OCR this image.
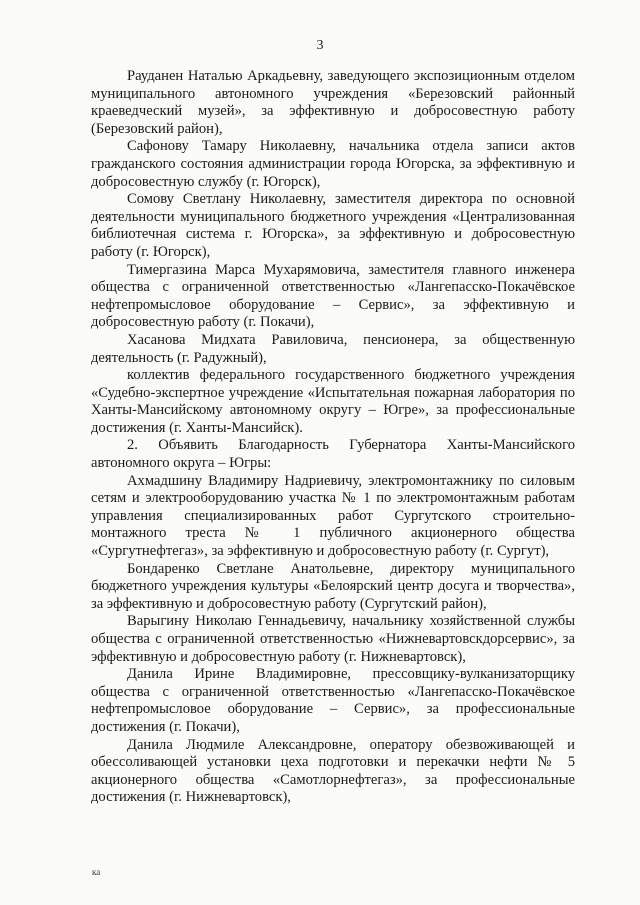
3

Рауданен Наталью Аркадьевну, заведующего экспозиционным отделом муниципального автономного учреждения «Березовский районный краеведческий музей», за эффективную и добросовестную работу (Березовский район),

Сафонову Тамару Николаевну, начальника отдела записи актов гражданского состояния администрации города Югорска, за эффективную и добросовестную службу (г. Югорск),

Сомову Светлану Николаевну, заместителя директора по основной деятельности муниципального бюджетного учреждения «Централизованная библиотечная система г. Югорска», за эффективную и добросовестную работу (г. Югорск),

Тимергазина Марса Мухарямовича, заместителя главного инженера общества с ограниченной ответственностью «Лангепасско-Покачёвское нефтепромысловое оборудование – Сервис», за эффективную и добросовестную работу (г. Покачи),

Хасанова Мидхата Равиловича, пенсионера, за общественную деятельность (г. Радужный),

коллектив федерального государственного бюджетного учреждения «Судебно-экспертное учреждение «Испытательная пожарная лаборатория по Ханты-Мансийскому автономному округу – Югре», за профессиональные достижения (г. Ханты-Мансийск).

2. Объявить Благодарность Губернатора Ханты-Мансийского автономного округа – Югры:

Ахмадшину Владимиру Надриевичу, электромонтажнику по силовым сетям и электрооборудованию участка № 1 по электромонтажным работам управления специализированных работ Сургутского строительно-монтажного треста № 1 публичного акционерного общества «Сургутнефтегаз», за эффективную и добросовестную работу (г. Сургут),

Бондаренко Светлане Анатольевне, директору муниципального бюджетного учреждения культуры «Белоярский центр досуга и творчества», за эффективную и добросовестную работу (Сургутский район),

Варыгину Николаю Геннадьевичу, начальнику хозяйственной службы общества с ограниченной ответственностью «Нижневартовскдорсервис», за эффективную и добросовестную работу (г. Нижневартовск),

Данила Ирине Владимировне, прессовщику-вулканизаторщику общества с ограниченной ответственностью «Лангепасско-Покачёвское нефтепромысловое оборудование – Сервис», за профессиональные достижения (г. Покачи),

Данила Людмиле Александровне, оператору обезвоживающей и обессоливающей установки цеха подготовки и перекачки нефти № 5 акционерного общества «Самотлорнефтегаз», за профессиональные достижения (г. Нижневартовск),

ка
